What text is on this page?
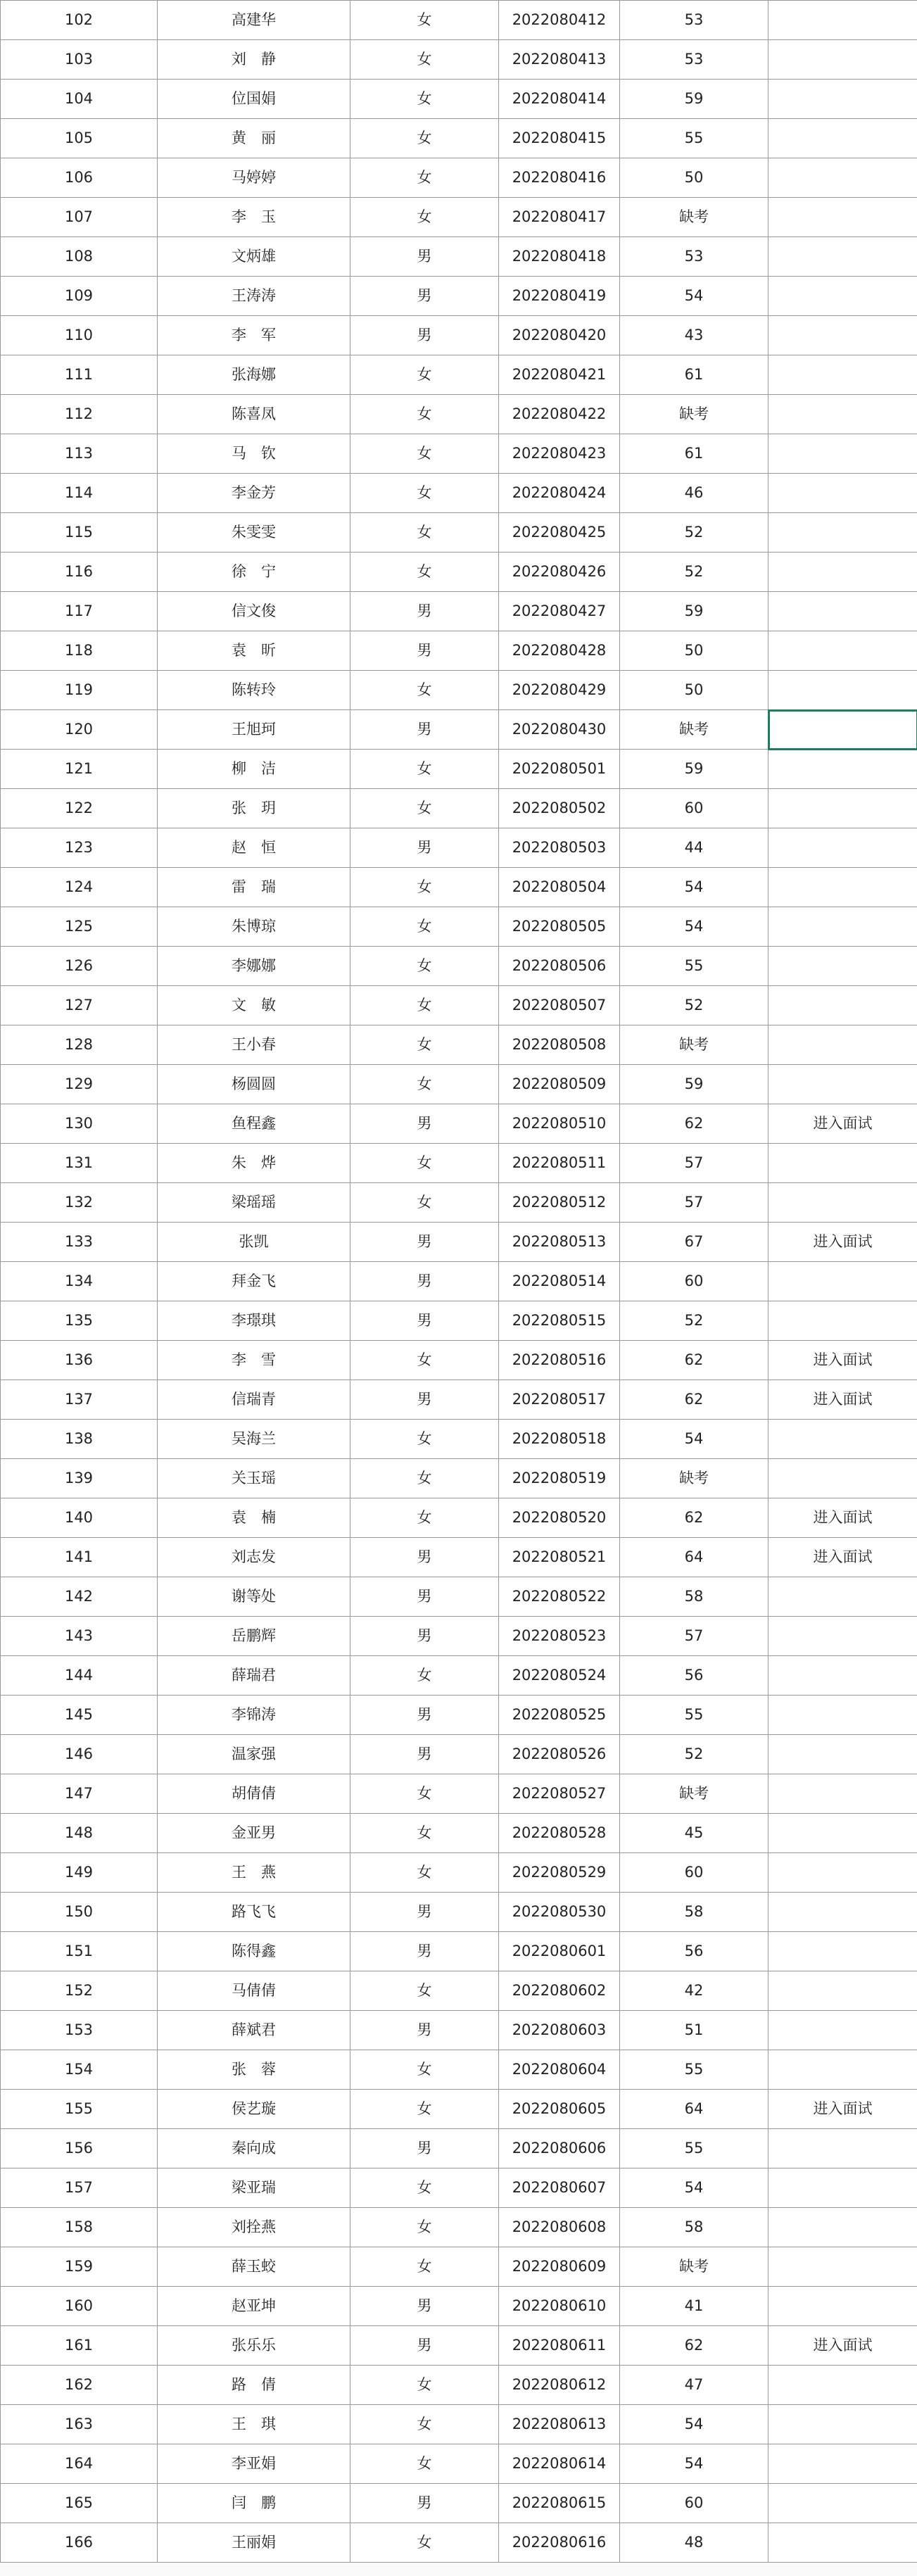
102	高建华	女	2022080412	53	
103	刘　静	女	2022080413	53	
104	位国娟	女	2022080414	59	
105	黄　丽	女	2022080415	55	
106	马婷婷	女	2022080416	50	
107	李　玉	女	2022080417	缺考	
108	文炳雄	男	2022080418	53	
109	王涛涛	男	2022080419	54	
110	李　军	男	2022080420	43	
111	张海娜	女	2022080421	61	
112	陈喜凤	女	2022080422	缺考	
113	马　钦	女	2022080423	61	
114	李金芳	女	2022080424	46	
115	朱雯雯	女	2022080425	52	
116	徐　宁	女	2022080426	52	
117	信文俊	男	2022080427	59	
118	袁　昕	男	2022080428	50	
119	陈转玲	女	2022080429	50	
120	王旭珂	男	2022080430	缺考	
121	柳　洁	女	2022080501	59	
122	张　玥	女	2022080502	60	
123	赵　恒	男	2022080503	44	
124	雷　瑞	女	2022080504	54	
125	朱博琼	女	2022080505	54	
126	李娜娜	女	2022080506	55	
127	文　敏	女	2022080507	52	
128	王小春	女	2022080508	缺考	
129	杨圆圆	女	2022080509	59	
130	鱼程鑫	男	2022080510	62	进入面试
131	朱　烨	女	2022080511	57	
132	梁瑶瑶	女	2022080512	57	
133	张凯	男	2022080513	67	进入面试
134	拜金飞	男	2022080514	60	
135	李璟琪	男	2022080515	52	
136	李　雪	女	2022080516	62	进入面试
137	信瑞青	男	2022080517	62	进入面试
138	吴海兰	女	2022080518	54	
139	关玉瑶	女	2022080519	缺考	
140	袁　楠	女	2022080520	62	进入面试
141	刘志发	男	2022080521	64	进入面试
142	谢等处	男	2022080522	58	
143	岳鹏辉	男	2022080523	57	
144	薛瑞君	女	2022080524	56	
145	李锦涛	男	2022080525	55	
146	温家强	男	2022080526	52	
147	胡倩倩	女	2022080527	缺考	
148	金亚男	女	2022080528	45	
149	王　燕	女	2022080529	60	
150	路飞飞	男	2022080530	58	
151	陈得鑫	男	2022080601	56	
152	马倩倩	女	2022080602	42	
153	薛斌君	男	2022080603	51	
154	张　蓉	女	2022080604	55	
155	侯艺璇	女	2022080605	64	进入面试
156	秦向成	男	2022080606	55	
157	梁亚瑞	女	2022080607	54	
158	刘拴燕	女	2022080608	58	
159	薛玉蛟	女	2022080609	缺考	
160	赵亚坤	男	2022080610	41	
161	张乐乐	男	2022080611	62	进入面试
162	路　倩	女	2022080612	47	
163	王　琪	女	2022080613	54	
164	李亚娟	女	2022080614	54	
165	闫　鹏	男	2022080615	60	
166	王丽娟	女	2022080616	48	
